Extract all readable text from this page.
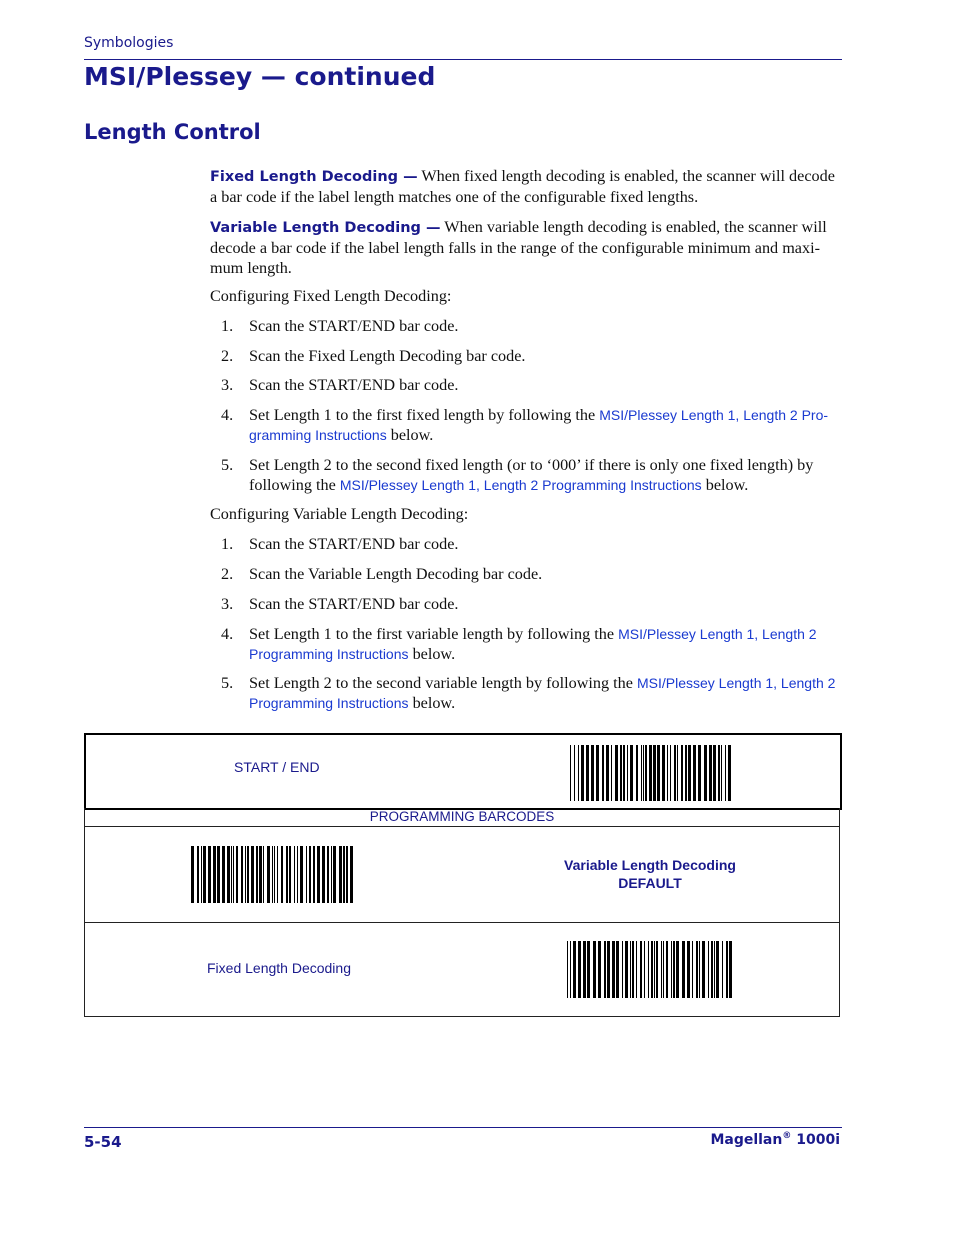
Symbologies
MSI/Plessey — continued
Length Control

Fixed Length Decoding — When fixed length decoding is enabled, the scanner will decode a bar code if the label length matches one of the configurable fixed lengths.

Variable Length Decoding — When variable length decoding is enabled, the scanner will decode a bar code if the label length falls in the range of the configurable minimum and maxi-mum length.

Configuring Fixed Length Decoding:

1. Scan the START/END bar code.
2. Scan the Fixed Length Decoding bar code.
3. Scan the START/END bar code.
4. Set Length 1 to the first fixed length by following the MSI/Plessey Length 1, Length 2 Pro-gramming Instructions below.
5. Set Length 2 to the second fixed length (or to ‘000’ if there is only one fixed length) by following the MSI/Plessey Length 1, Length 2 Programming Instructions below.

Configuring Variable Length Decoding:

1. Scan the START/END bar code.
2. Scan the Variable Length Decoding bar code.
3. Scan the START/END bar code.
4. Set Length 1 to the first variable length by following the MSI/Plessey Length 1, Length 2 Programming Instructions below.
5. Set Length 2 to the second variable length by following the MSI/Plessey Length 1, Length 2 Programming Instructions below.
START / END
PROGRAMMING BARCODES
Variable Length Decoding
DEFAULT
Fixed Length Decoding
5-54	Magellan® 1000i
